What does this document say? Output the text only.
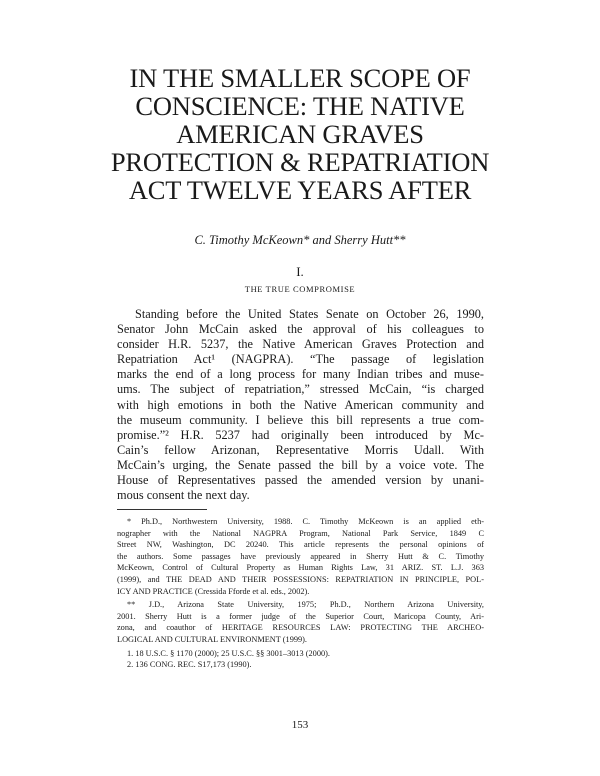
IN THE SMALLER SCOPE OF
CONSCIENCE: THE NATIVE
AMERICAN GRAVES
PROTECTION & REPATRIATION
ACT TWELVE YEARS AFTER
C. Timothy McKeown* and Sherry Hutt**
I.
THE TRUE COMPROMISE
Standing before the United States Senate on October 26, 1990,
Senator John McCain asked the approval of his colleagues to
consider H.R. 5237, the Native American Graves Protection and
Repatriation Act¹ (NAGPRA). “The passage of legislation
marks the end of a long process for many Indian tribes and muse-
ums. The subject of repatriation,” stressed McCain, “is charged
with high emotions in both the Native American community and
the museum community. I believe this bill represents a true com-
promise.”² H.R. 5237 had originally been introduced by Mc-
Cain’s fellow Arizonan, Representative Morris Udall. With
McCain’s urging, the Senate passed the bill by a voice vote. The
House of Representatives passed the amended version by unani-
mous consent the next day.
* Ph.D., Northwestern University, 1988. C. Timothy McKeown is an applied eth-
nographer with the National NAGPRA Program, National Park Service, 1849 C
Street NW, Washington, DC 20240. This article represents the personal opinions of
the authors. Some passages have previously appeared in Sherry Hutt & C. Timothy
McKeown, Control of Cultural Property as Human Rights Law, 31 ARIZ. ST. L.J. 363
(1999), and THE DEAD AND THEIR POSSESSIONS: REPATRIATION IN PRINCIPLE, POL-
ICY AND PRACTICE (Cressida Fforde et al. eds., 2002).
** J.D., Arizona State University, 1975; Ph.D., Northern Arizona University,
2001. Sherry Hutt is a former judge of the Superior Court, Maricopa County, Ari-
zona, and coauthor of HERITAGE RESOURCES LAW: PROTECTING THE ARCHEO-
LOGICAL AND CULTURAL ENVIRONMENT (1999).
1. 18 U.S.C. § 1170 (2000); 25 U.S.C. §§ 3001–3013 (2000).
2. 136 CONG. REC. S17,173 (1990).
153
